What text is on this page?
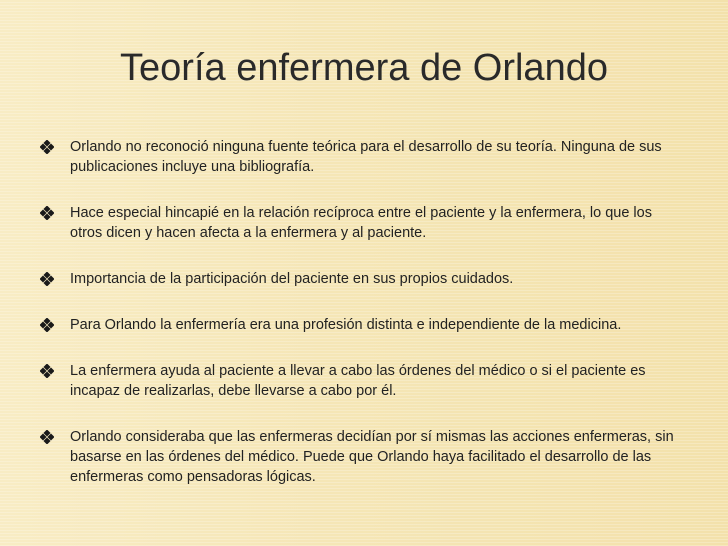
Teoría enfermera de Orlando
Orlando no reconoció ninguna fuente teórica para el desarrollo de su teoría. Ninguna de sus publicaciones incluye una bibliografía.
Hace especial hincapié en la relación recíproca entre el paciente y la enfermera, lo que los otros dicen y hacen afecta a la enfermera y al paciente.
Importancia de la participación del paciente en sus propios cuidados.
Para Orlando la enfermería era una profesión distinta e independiente de la medicina.
La enfermera ayuda al paciente a llevar a cabo las órdenes del médico o si el paciente es incapaz de realizarlas, debe llevarse a cabo por él.
Orlando consideraba que las enfermeras decidían por sí mismas las acciones enfermeras, sin basarse en las órdenes del médico. Puede que Orlando haya facilitado el desarrollo de las enfermeras como pensadoras lógicas.
